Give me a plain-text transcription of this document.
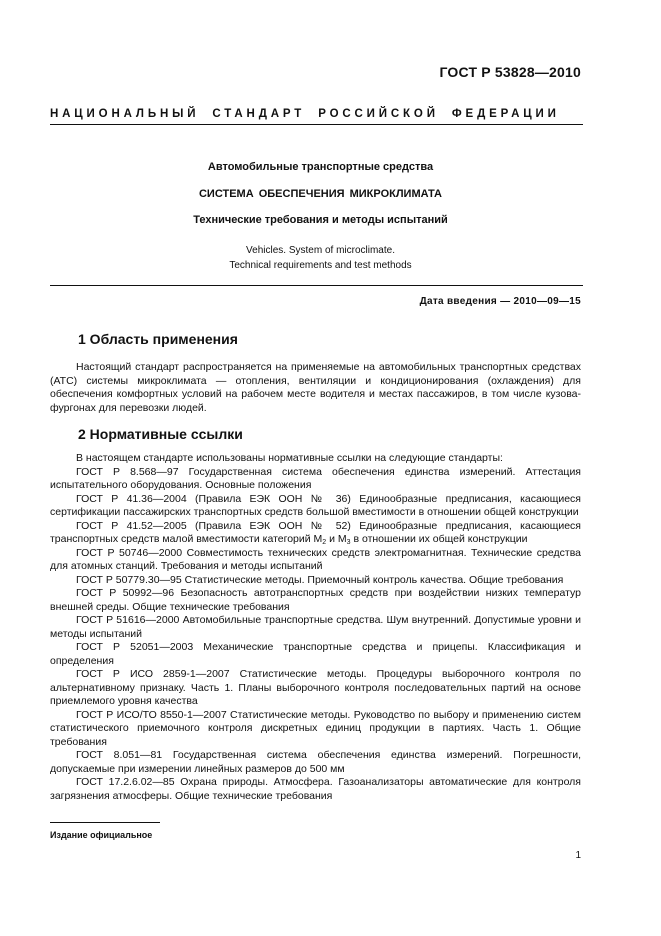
ГОСТ Р 53828—2010
НАЦИОНАЛЬНЫЙ СТАНДАРТ РОССИЙСКОЙ ФЕДЕРАЦИИ
Автомобильные транспортные средства
СИСТЕМА ОБЕСПЕЧЕНИЯ МИКРОКЛИМАТА
Технические требования и методы испытаний
Vehicles. System of microclimate.
Technical requirements and test methods
Дата введения — 2010—09—15
1 Область применения

Настоящий стандарт распространяется на применяемые на автомобильных транспортных средствах (АТС) системы микроклимата — отопления, вентиляции и кондиционирования (охлаждения) для обеспечения комфортных условий на рабочем месте водителя и местах пассажиров, в том числе кузова-фургонах для перевозки людей.

2 Нормативные ссылки

В настоящем стандарте использованы нормативные ссылки на следующие стандарты:

ГОСТ Р 8.568—97 Государственная система обеспечения единства измерений. Аттестация испытательного оборудования. Основные положения

ГОСТ Р 41.36—2004 (Правила ЕЭК ООН № 36) Единообразные предписания, касающиеся сертификации пассажирских транспортных средств большой вместимости в отношении общей конструкции

ГОСТ Р 41.52—2005 (Правила ЕЭК ООН № 52) Единообразные предписания, касающиеся транспортных средств малой вместимости категорий $M_2$ и $M_3$ в отношении их общей конструкции

ГОСТ Р 50746—2000 Совместимость технических средств электромагнитная. Технические средства для атомных станций. Требования и методы испытаний

ГОСТ Р 50779.30—95 Статистические методы. Приемочный контроль качества. Общие требования

ГОСТ Р 50992—96 Безопасность автотранспортных средств при воздействии низких температур внешней среды. Общие технические требования

ГОСТ Р 51616—2000 Автомобильные транспортные средства. Шум внутренний. Допустимые уровни и методы испытаний

ГОСТ Р 52051—2003 Механические транспортные средства и прицепы. Классификация и определения

ГОСТ Р ИСО 2859-1—2007 Статистические методы. Процедуры выборочного контроля по альтернативному признаку. Часть 1. Планы выборочного контроля последовательных партий на основе приемлемого уровня качества

ГОСТ Р ИСО/ТО 8550-1—2007 Статистические методы. Руководство по выбору и применению систем статистического приемочного контроля дискретных единиц продукции в партиях. Часть 1. Общие требования

ГОСТ 8.051—81 Государственная система обеспечения единства измерений. Погрешности, допускаемые при измерении линейных размеров до 500 мм

ГОСТ 17.2.6.02—85 Охрана природы. Атмосфера. Газоанализаторы автоматические для контроля загрязнения атмосферы. Общие технические требования

Издание официальное
1
